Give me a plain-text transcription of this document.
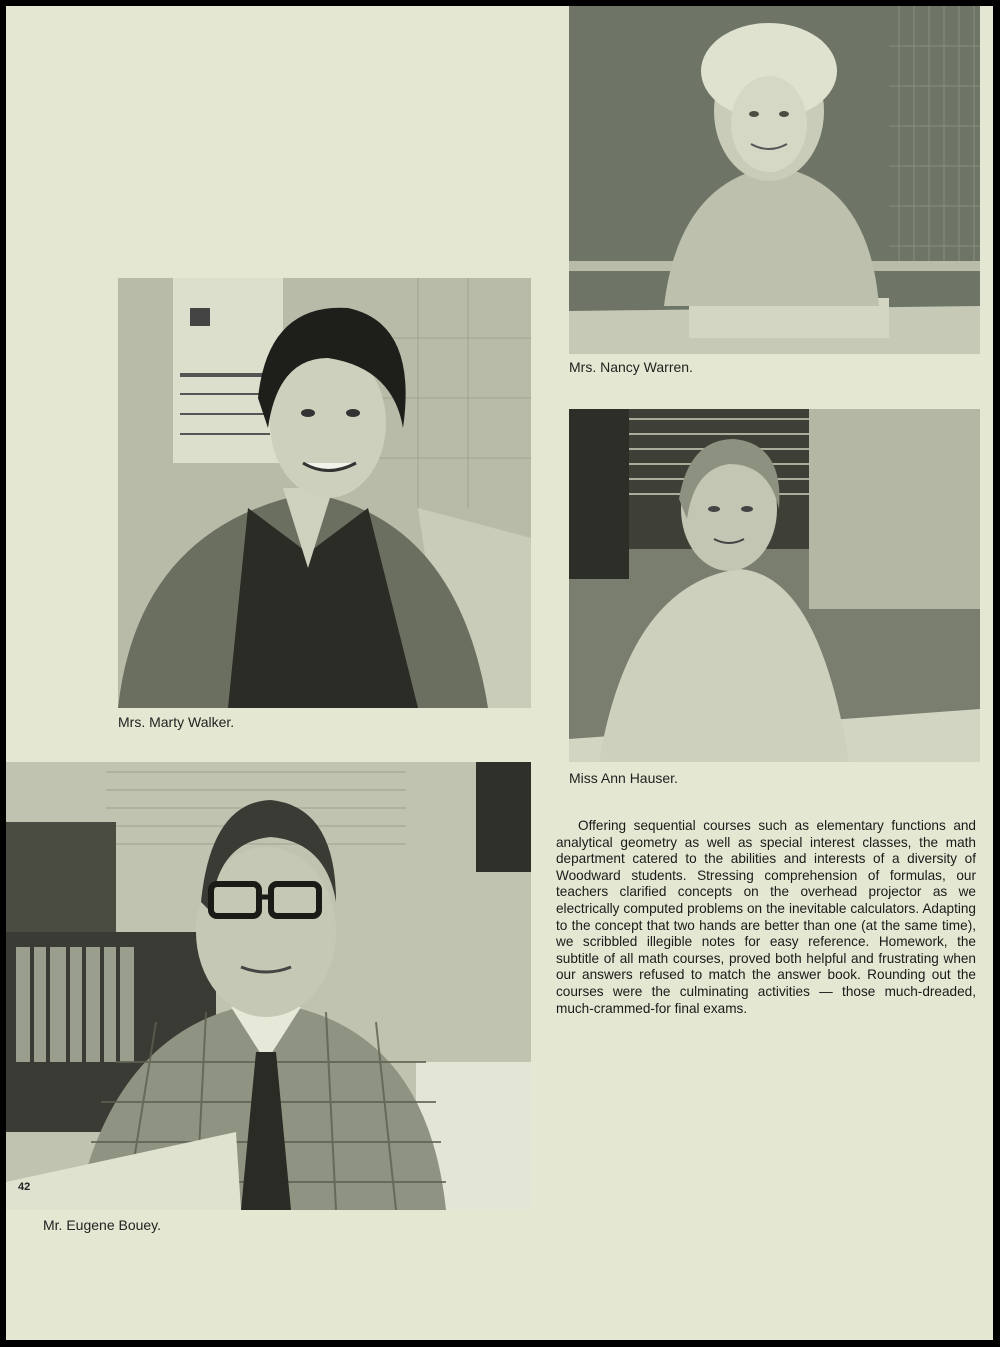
Mrs. Nancy Warren.
Mrs. Marty Walker.
Miss Ann Hauser.
42
Mr. Eugene Bouey.

Offering sequential courses such as elementary functions and analytical geometry as well as special interest classes, the math department catered to the abilities and interests of a diversity of Woodward students. Stressing comprehension of formulas, our teachers clarified concepts on the overhead projector as we electrically computed problems on the inevitable calculators. Adapting to the concept that two hands are better than one (at the same time), we scribbled illegible notes for easy reference. Homework, the subtitle of all math courses, proved both helpful and frustrating when our answers refused to match the answer book. Rounding out the courses were the culminating activities — those much-dreaded, much-crammed-for final exams.
